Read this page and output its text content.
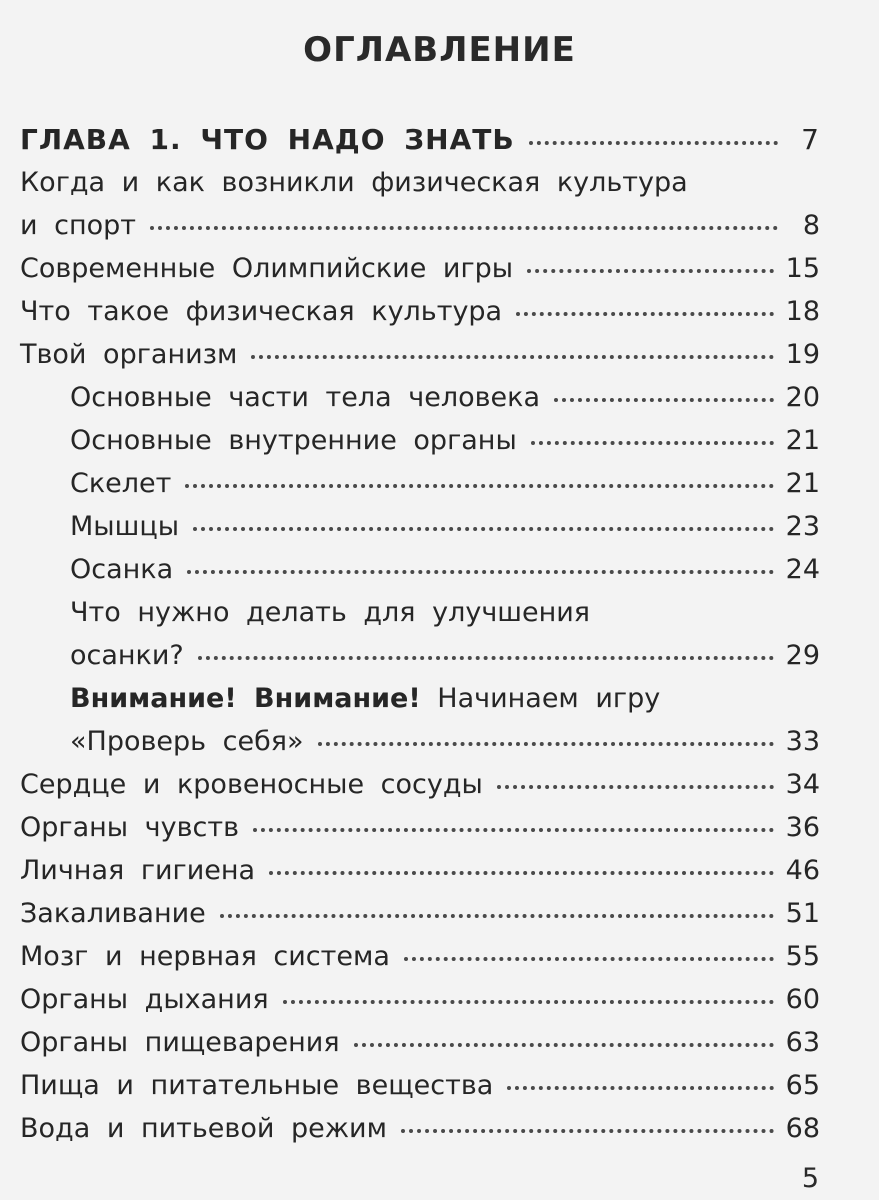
ОГЛАВЛЕНИЕ
ГЛАВА 1. ЧТО НАДО ЗНАТЬ	7
Когда и как возникли физическая культура
и спорт	8
Современные Олимпийские игры	15
Что такое физическая культура	18
Твой организм	19
Основные части тела человека	20
Основные внутренние органы	21
Скелет	21
Мышцы	23
Осанка	24
Что нужно делать для улучшения
осанки?	29
Внимание! Внимание! Начинаем игру
«Проверь себя»	33
Сердце и кровеносные сосуды	34
Органы чувств	36
Личная гигиена	46
Закаливание	51
Мозг и нервная система	55
Органы дыхания	60
Органы пищеварения	63
Пища и питательные вещества	65
Вода и питьевой режим	68
5
